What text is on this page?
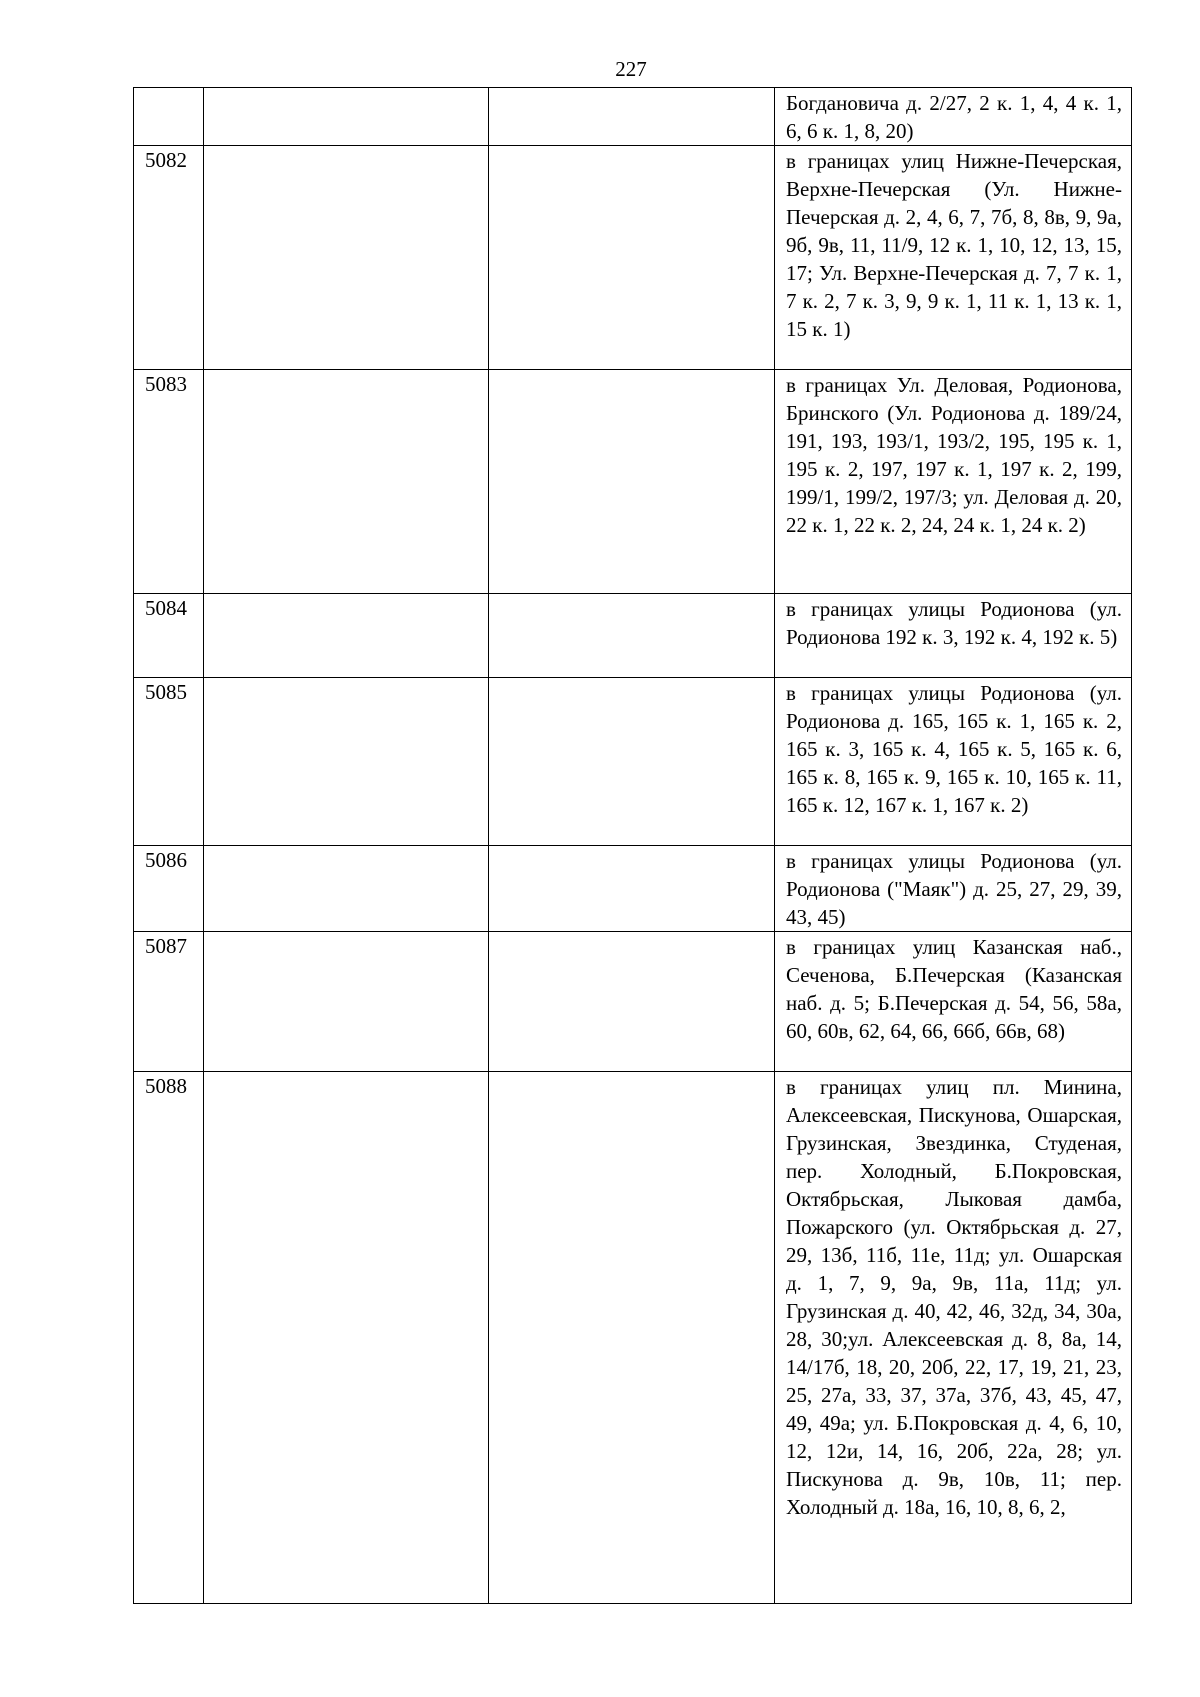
227
			Богдановича д. 2/27, 2 к. 1, 4, 4 к. 1, 6, 6 к. 1, 8, 20)
5082			в границах улиц Нижне-Печерская, Верхне-Печерская (Ул. Нижне-Печерская д. 2, 4, 6, 7, 7б, 8, 8в, 9, 9а, 9б, 9в, 11, 11/9, 12 к. 1, 10, 12, 13, 15, 17; Ул. Верхне-Печерская д. 7, 7 к. 1, 7 к. 2, 7 к. 3, 9, 9 к. 1, 11 к. 1, 13 к. 1, 15 к. 1)
5083			в границах Ул. Деловая, Родионова, Бринского (Ул. Родионова д. 189/24, 191, 193, 193/1, 193/2, 195, 195 к. 1, 195 к. 2, 197, 197 к. 1, 197 к. 2, 199, 199/1, 199/2, 197/3; ул. Деловая д. 20, 22 к. 1, 22 к. 2, 24, 24 к. 1, 24 к. 2)
5084			в границах улицы Родионова (ул. Родионова 192 к. 3, 192 к. 4, 192 к. 5)
5085			в границах улицы Родионова (ул. Родионова д. 165, 165 к. 1, 165 к. 2, 165 к. 3, 165 к. 4, 165 к. 5, 165 к. 6, 165 к. 8, 165 к. 9, 165 к. 10, 165 к. 11, 165 к. 12, 167 к. 1, 167 к. 2)
5086			в границах улицы Родионова (ул. Родионова ("Маяк") д. 25, 27, 29, 39, 43, 45)
5087			в границах улиц Казанская наб., Сеченова, Б.Печерская (Казанская наб. д. 5; Б.Печерская д. 54, 56, 58а, 60, 60в, 62, 64, 66, 66б, 66в, 68)
5088			в границах улиц пл. Минина, Алексеевская, Пискунова, Ошарская, Грузинская, Звездинка, Студеная, пер. Холодный, Б.Покровская, Октябрьская, Лыковая дамба, Пожарского (ул. Октябрьская д. 27, 29, 13б, 11б, 11е, 11д; ул. Ошарская д. 1, 7, 9, 9а, 9в, 11а, 11д; ул. Грузинская д. 40, 42, 46, 32д, 34, 30а, 28, 30;ул. Алексеевская д. 8, 8а, 14, 14/17б, 18, 20, 20б, 22, 17, 19, 21, 23, 25, 27а, 33, 37, 37а, 37б, 43, 45, 47, 49, 49а; ул. Б.Покровская д. 4, 6, 10, 12, 12и, 14, 16, 20б, 22а, 28; ул. Пискунова д. 9в, 10в, 11; пер. Холодный д. 18а, 16, 10, 8, 6, 2,
